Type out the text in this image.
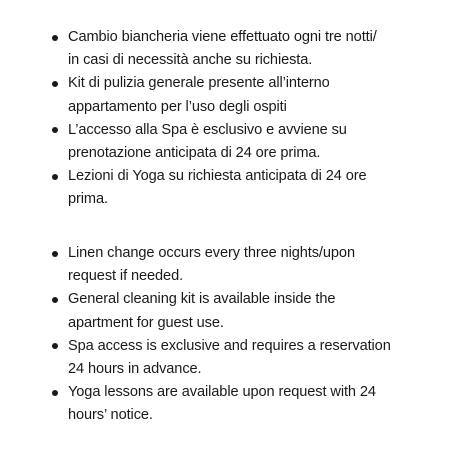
Cambio biancheria viene effettuato ogni tre notti/
in casi di necessità anche su richiesta.
Kit di pulizia generale presente all’interno
appartamento per l’uso degli ospiti
L’accesso alla Spa è esclusivo e avviene su
prenotazione anticipata di 24 ore prima.
Lezioni di Yoga su richiesta anticipata di 24 ore
prima.
Linen change occurs every three nights/upon
request if needed.
General cleaning kit is available inside the
apartment for guest use.
Spa access is exclusive and requires a reservation
24 hours in advance.
Yoga lessons are available upon request with 24
hours’ notice.
